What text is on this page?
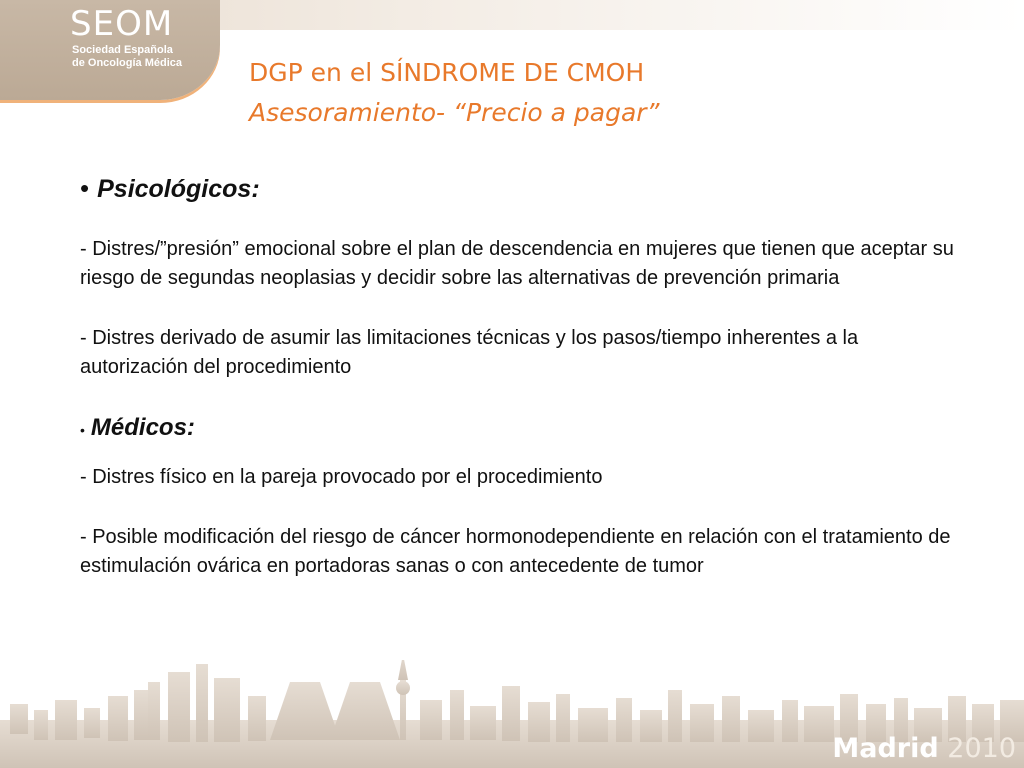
SEOM
Sociedad Española
de Oncología Médica	DGP en el SÍNDROME DE CMOH
Asesoramiento- “Precio a pagar”

• Psicológicos:

- Distres/”presión” emocional sobre el plan de descendencia en mujeres que tienen que aceptar su riesgo de segundas neoplasias y decidir sobre las alternativas de prevención primaria

- Distres derivado de asumir las limitaciones técnicas y los pasos/tiempo inherentes a la autorización del procedimiento

• Médicos:

- Distres físico en la pareja provocado por el procedimiento

- Posible modificación del riesgo de cáncer hormonodependiente en relación con el tratamiento de estimulación ovárica en portadoras sanas o con antecedente de tumor

Madrid 2010
